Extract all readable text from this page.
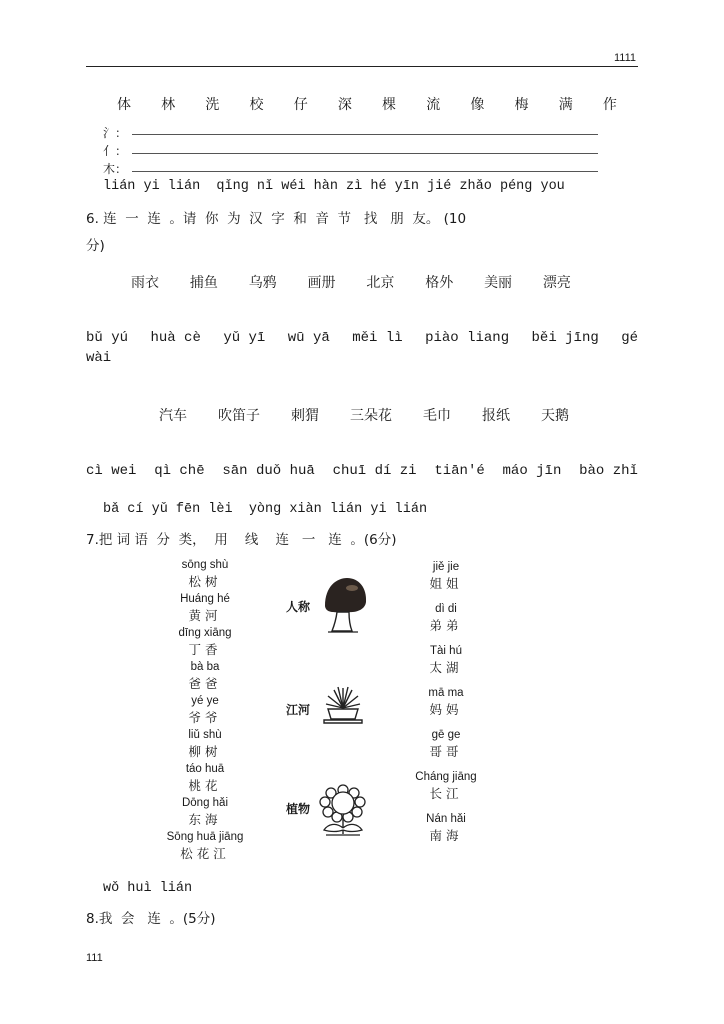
1111
体 林 洗 校 仔 深 棵 流 像 梅 满 作
氵：
亻：
木：
lián yi lián  qǐng nǐ wéi hàn zì hé yīn jié zhǎo péng you
6. 连  一  连  。请  你  为  汉  字  和  音  节   找   朋  友。 (10
分)
雨衣 捕鱼 乌鸦 画册 北京 格外 美丽 漂亮
bǔ yú huà cè yǔ yī wū yā měi lì piào liang běi jīng gé
wài
汽车 吹笛子 刺猬 三朵花 毛巾 报纸 天鹅
cì wei qì chē sān duǒ huā chuī dí zi tiān'é máo jīn bào zhǐ
bǎ cí yǔ fēn lèi  yòng xiàn lián yi lián
7.把 词 语  分  类，  用    线    连   一   连  。(6分)
sōng shù
松树
Huáng hé
黄河
dīng xiāng
丁香
bà ba
爸爸
yé ye
爷爷
liǔ shù
柳树
táo huā
桃花
Dōng hǎi
东海
Sōng huā jiāng
松花江
人称
江河
植物
jiě jie
姐姐
dì di
弟弟
Tài hú
太湖
mā ma
妈妈
gē ge
哥哥
Cháng jiāng
长江
Nán hǎi
南海
wǒ huì lián
8.我  会   连  。(5分)
111
